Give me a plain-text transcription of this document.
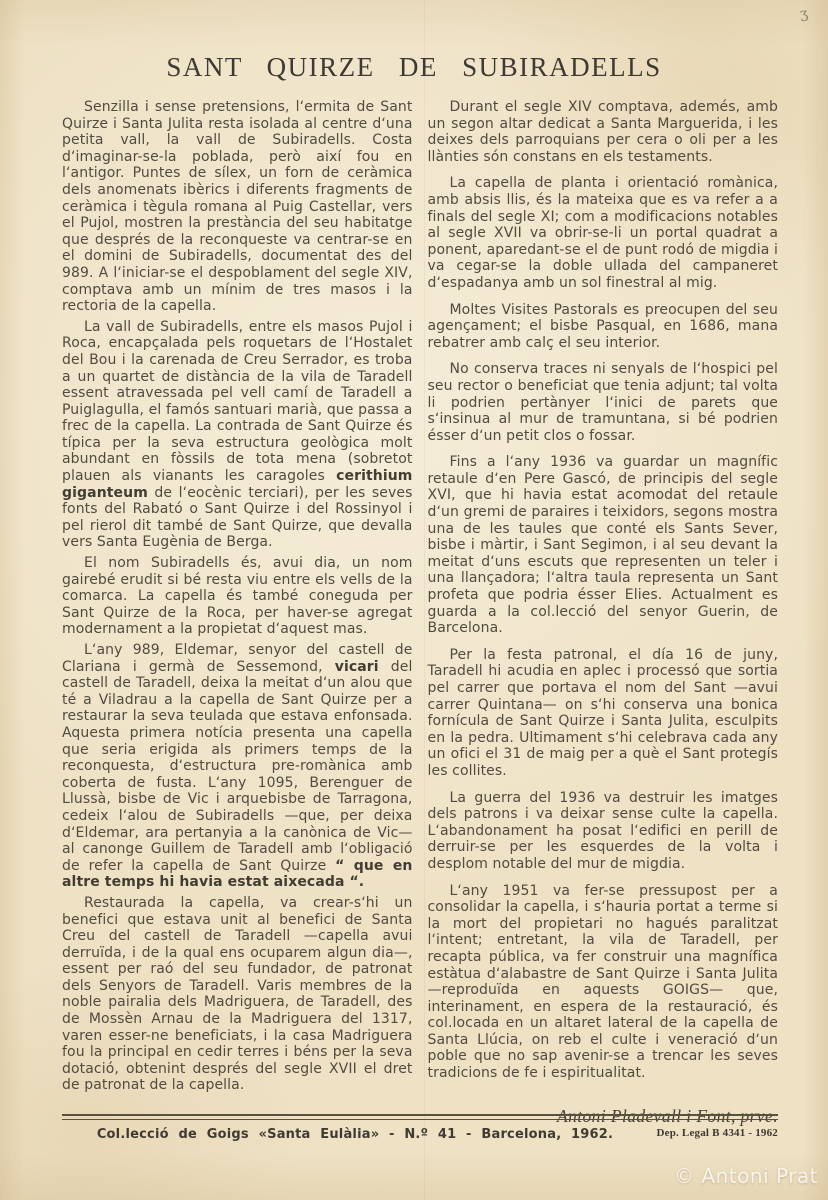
ʒ
SANT QUIRZE DE SUBIRADELLS

Senzilla i sense pretensions, l‘ermita de Sant Quirze i Santa Julita resta isolada al centre d‘una petita vall, la vall de Subiradells. Costa d‘imaginar-se-la poblada, però així fou en l‘antigor. Puntes de sílex, un forn de ceràmica dels anomenats ibèrics i diferents fragments de ceràmica i tègula romana al Puig Castellar, vers el Pujol, mostren la prestància del seu habitatge que després de la reconqueste va centrar-se en el domini de Subiradells, documentat des del 989. A l‘iniciar-se el despoblament del segle XIV, comptava amb un mínim de tres masos i la rectoria de la capella.

La vall de Subiradells, entre els masos Pujol i Roca, encapçalada pels roquetars de l‘Hostalet del Bou i la carenada de Creu Serrador, es troba a un quartet de distància de la vila de Taradell essent atravessada pel vell camí de Taradell a Puiglagulla, el famós santuari marià, que passa a frec de la capella. La contrada de Sant Quirze és típica per la seva estructura geològica molt abundant en fòssils de tota mena (sobretot plauen als vianants les caragoles cerithium giganteum de l‘eocènic terciari), per les seves fonts del Rabató o Sant Quirze i del Rossinyol i pel rierol dit també de Sant Quirze, que devalla vers Santa Eugènia de Berga.

El nom Subiradells és, avui dia, un nom gairebé erudit si bé resta viu entre els vells de la comarca. La capella és també coneguda per Sant Quirze de la Roca, per haver-se agregat modernament a la propietat d‘aquest mas.

L‘any 989, Eldemar, senyor del castell de Clariana i germà de Sessemond, vicari del castell de Taradell, deixa la meitat d‘un alou que té a Viladrau a la capella de Sant Quirze per a restaurar la seva teulada que estava enfonsada. Aquesta primera notícia presenta una capella que seria erigida als primers temps de la reconquesta, d‘estructura pre-romànica amb coberta de fusta. L‘any 1095, Berenguer de Llussà, bisbe de Vic i arquebisbe de Tarragona, cedeix l‘alou de Subiradells —que, per deixa d‘Eldemar, ara pertanyia a la canònica de Vic— al canonge Guillem de Taradell amb l‘obligació de refer la capella de Sant Quirze “ que en altre temps hi havia estat aixecada “.

Restaurada la capella, va crear-s‘hi un benefici que estava unit al benefici de Santa Creu del castell de Taradell —capella avui derruïda, i de la qual ens ocuparem algun dia—, essent per raó del seu fundador, de patronat dels Senyors de Taradell. Varis membres de la noble pairalia dels Madriguera, de Taradell, des de Mossèn Arnau de la Madriguera del 1317, varen esser-ne beneficiats, i la casa Madriguera fou la principal en cedir terres i béns per la seva dotació, obtenint després del segle XVII el dret de patronat de la capella.

Durant el segle XIV comptava, ademés, amb un segon altar dedicat a Santa Marguerida, i les deixes dels parroquians per cera o oli per a les llànties són constans en els testaments.

La capella de planta i orientació romànica, amb absis llis, és la mateixa que es va refer a a finals del segle XI; com a modificacions notables al segle XVII va obrir-se-li un portal quadrat a ponent, aparedant-se el de punt rodó de migdia i va cegar-se la doble ullada del campaneret d‘espadanya amb un sol finestral al mig.

Moltes Visites Pastorals es preocupen del seu agençament; el bisbe Pasqual, en 1686, mana rebatrer amb calç el seu interior.

No conserva traces ni senyals de l‘hospici pel seu rector o beneficiat que tenia adjunt; tal volta li podrien pertànyer l‘inici de parets que s‘insinua al mur de tramuntana, si bé podrien ésser d‘un petit clos o fossar.

Fins a l‘any 1936 va guardar un magnífic retaule d‘en Pere Gascó, de principis del segle XVI, que hi havia estat acomodat del retaule d‘un gremi de paraires i teixidors, segons mostra una de les taules que conté els Sants Sever, bisbe i màrtir, i Sant Segimon, i al seu devant la meitat d‘uns escuts que representen un teler i una llançadora; l‘altra taula representa un Sant profeta que podria ésser Elies. Actualment es guarda a la col.lecció del senyor Guerin, de Barcelona.

Per la festa patronal, el día 16 de juny, Taradell hi acudia en aplec i processó que sortia pel carrer que portava el nom del Sant —avui carrer Quintana— on s‘hi conserva una bonica fornícula de Sant Quirze i Santa Julita, esculpits en la pedra. Ultimament s‘hi celebrava cada any un ofici el 31 de maig per a què el Sant protegís les collites.

La guerra del 1936 va destruir les imatges dels patrons i va deixar sense culte la capella. L‘abandonament ha posat l‘edifici en perill de derruir-se per les esquerdes de la volta i desplom notable del mur de migdia.

L‘any 1951 va fer-se pressupost per a consolidar la capella, i s‘hauria portat a terme si la mort del propietari no hagués paralitzat l‘intent; entretant, la vila de Taradell, per recapta pública, va fer construir una magnífica estàtua d‘alabastre de Sant Quirze i Santa Julita —reproduïda en aquests GOIGS— que, interinament, en espera de la restauració, és col.locada en un altaret lateral de la capella de Santa Llúcia, on reb el culte i veneració d‘un poble que no sap avenir-se a trencar les seves tradicions de fe i espiritualitat.

Antoni Pladevall i Font, prve.
Col.lecció de Goigs «Santa Eulàlia» - N.º 41 - Barcelona, 1962.	Dep. Legal B 4341 - 1962
© Antoni Prat
